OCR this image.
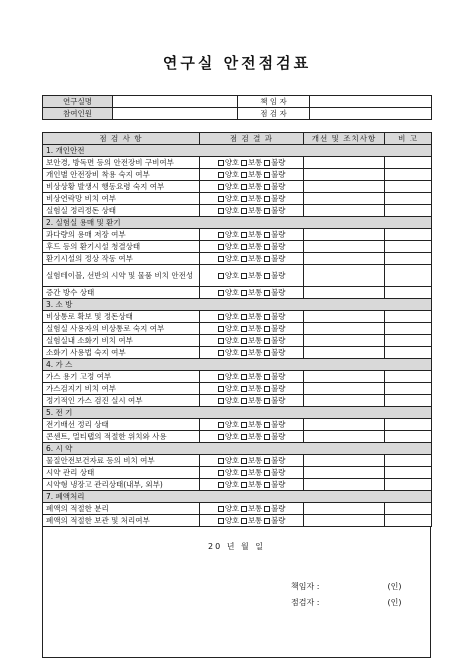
연구실 안전점검표
연구실명		책 임 자	
참여인원		점 검 자	
점 검 사 항	점 검 결 과	개선 및 조치사항	비 고
1. 개인안전			
보안경, 방독면 등의 안전장비 구비여부	양호 보통 불량		
개인별 안전장비 착용 숙지 여부	양호 보통 불량		
비상상황 발생시 행동요령 숙지 여부	양호 보통 불량		
비상연락망 비치 여부	양호 보통 불량		
실험실 정리정돈 상태	양호 보통 불량		
2. 실험실 용매 및 환기			
과다량의 용매 저장 여부	양호 보통 불량		
후드 등의 환기시설 청결상태	양호 보통 불량		
환기시설의 정상 작동 여부	양호 보통 불량		
실험테이블, 선반의 시약 및 물품 비치 안전성	양호 보통 불량		
증간 방수 상태	양호 보통 불량		
3. 소 방			
비상통로 확보 및 정돈상태	양호 보통 불량		
실험실 사용자의 비상통로 숙지 여부	양호 보통 불량		
실험실내 소화기 비치 여부	양호 보통 불량		
소화기 사용법 숙지 여부	양호 보통 불량		
4. 가 스			
가스 용기 고정 여부	양호 보통 불량		
가스검지기 비치 여부	양호 보통 불량		
정기적인 가스 검진 실시 여부	양호 보통 불량		
5. 전 기			
전기배선 정리 상태	양호 보통 불량		
콘센트, 멀티탭의 적절한 위치와 사용	양호 보통 불량		
6. 시 약			
물질안전보건자료 등의 비치 여부	양호 보통 불량		
시약 관리 상태	양호 보통 불량		
시약형 냉장고 관리상태(내부, 외부)	양호 보통 불량		
7. 폐액처리			
폐액의 적절한 분리	양호 보통 불량		
폐액의 적절한 보관 및 처리여부	양호 보통 불량		
20 년 월 일
책임자 :	(인)
점검자 :	(인)
